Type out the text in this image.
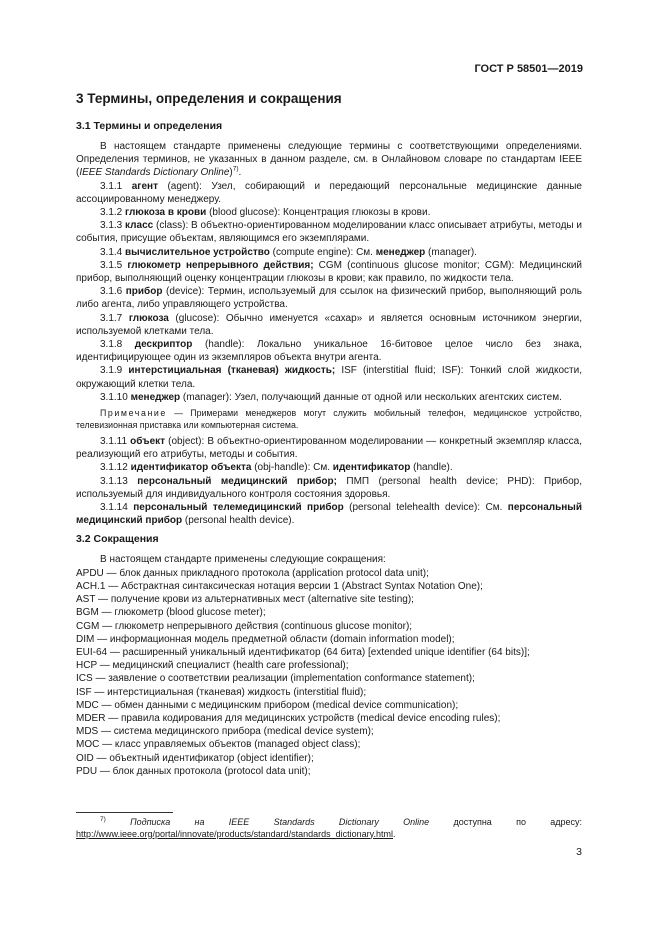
ГОСТ Р 58501—2019
3 Термины, определения и сокращения
3.1 Термины и определения

В настоящем стандарте применены следующие термины с соответствующими определениями. Определения терминов, не указанных в данном разделе, см. в Онлайновом словаре по стандартам IEEE (IEEE Standards Dictionary Online)$^{7)}$.

3.1.1 агент (agent): Узел, собирающий и передающий персональные медицинские данные ассоциированному менеджеру.

3.1.2 глюкоза в крови (blood glucose): Концентрация глюкозы в крови.

3.1.3 класс (class): В объектно-ориентированном моделировании класс описывает атрибуты, методы и события, присущие объектам, являющимся его экземплярами.

3.1.4 вычислительное устройство (compute engine): См. менеджер (manager).

3.1.5 глюкометр непрерывного действия; CGM (continuous glucose monitor; CGM): Медицинский прибор, выполняющий оценку концентрации глюкозы в крови; как правило, по жидкости тела.

3.1.6 прибор (device): Термин, используемый для ссылок на физический прибор, выполняющий роль либо агента, либо управляющего устройства.

3.1.7 глюкоза (glucose): Обычно именуется «сахар» и является основным источником энергии, используемой клетками тела.

3.1.8 дескриптор (handle): Локально уникальное 16-битовое целое число без знака, идентифицирующее один из экземпляров объекта внутри агента.

3.1.9 интерстициальная (тканевая) жидкость; ISF (interstitial fluid; ISF): Тонкий слой жидкости, окружающий клетки тела.

3.1.10 менеджер (manager): Узел, получающий данные от одной или нескольких агентских систем.

Примечание — Примерами менеджеров могут служить мобильный телефон, медицинское устройство, телевизионная приставка или компьютерная система.

3.1.11 объект (object): В объектно-ориентированном моделировании — конкретный экземпляр класса, реализующий его атрибуты, методы и события.

3.1.12 идентификатор объекта (obj-handle): См. идентификатор (handle).

3.1.13 персональный медицинский прибор; ПМП (personal health device; PHD): Прибор, используемый для индивидуального контроля состояния здоровья.

3.1.14 персональный телемедицинский прибор (personal telehealth device): См. персональный медицинский прибор (personal health device).

3.2 Сокращения

В настоящем стандарте применены следующие сокращения:

APDU — блок данных прикладного протокола (application protocol data unit);

ACH.1 — Абстрактная синтаксическая нотация версии 1 (Abstract Syntax Notation One);

AST — получение крови из альтернативных мест (alternative site testing);

BGM — глюкометр (blood glucose meter);

CGM — глюкометр непрерывного действия (continuous glucose monitor);

DIM — информационная модель предметной области (domain information model);

EUI-64 — расширенный уникальный идентификатор (64 бита) [extended unique identifier (64 bits)];

HCP — медицинский специалист (health care professional);

ICS — заявление о соответствии реализации (implementation conformance statement);

ISF — интерстициальная (тканевая) жидкость (interstitial fluid);

MDC — обмен данными с медицинским прибором (medical device communication);

MDER — правила кодирования для медицинских устройств (medical device encoding rules);

MDS — система медицинского прибора (medical device system);

MOC — класс управляемых объектов (managed object class);

OID — объектный идентификатор (object identifier);

PDU — блок данных протокола (protocol data unit);

$^{7)}$	Подписка на IEEE Standards Dictionary Online доступна по адресу: http://www.ieee.org/portal/innovate/products/standard/standards_dictionary.html.
3
